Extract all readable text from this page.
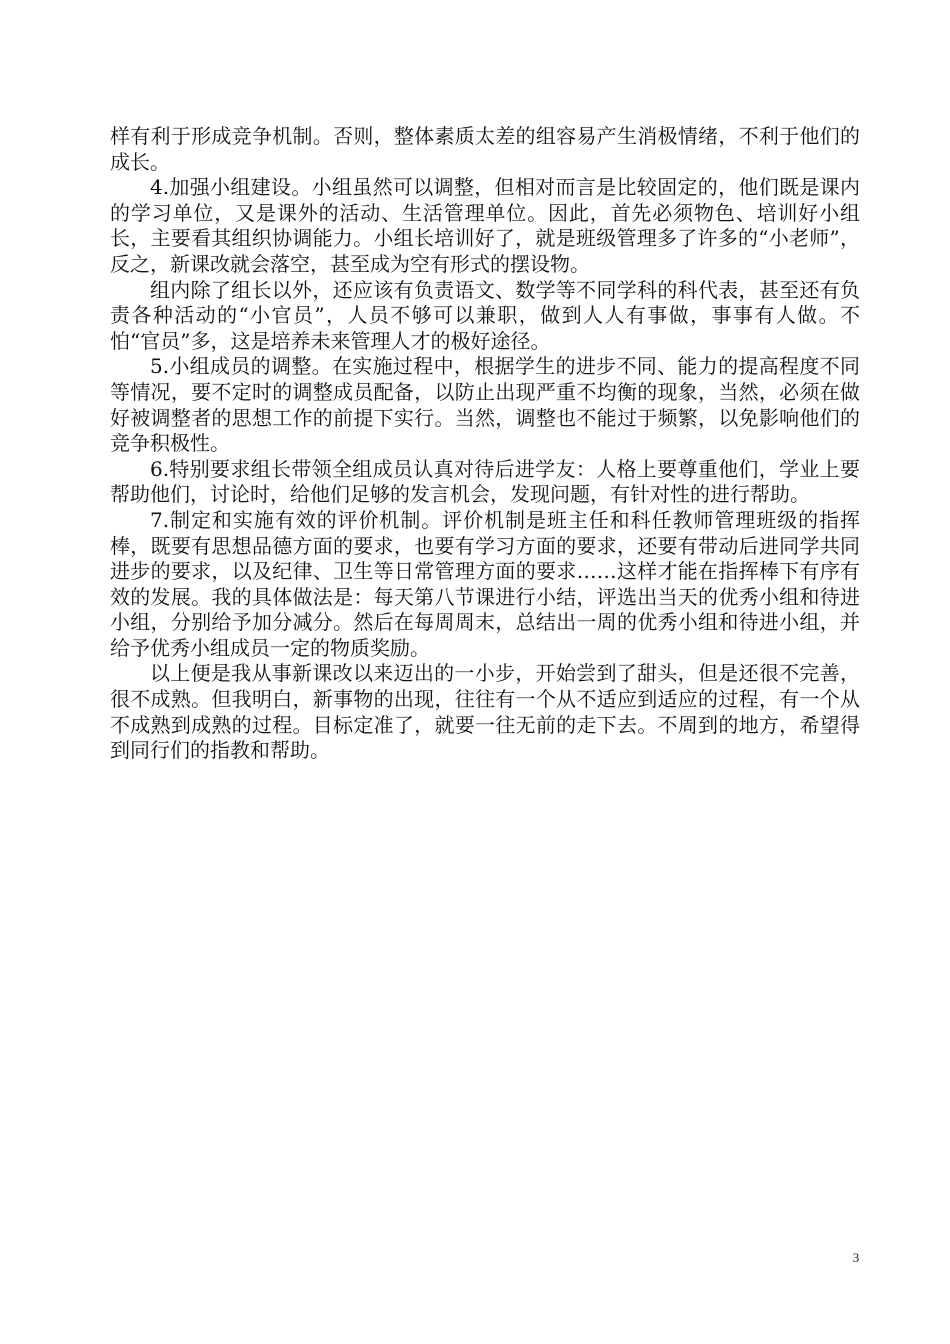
样有利于形成竞争机制。否则，整体素质太差的组容易产生消极情绪，不利于他们的成长。

4.加强小组建设。小组虽然可以调整，但相对而言是比较固定的，他们既是课内的学习单位，又是课外的活动、生活管理单位。因此，首先必须物色、培训好小组长，主要看其组织协调能力。小组长培训好了，就是班级管理多了许多的“小老师”，反之，新课改就会落空，甚至成为空有形式的摆设物。

组内除了组长以外，还应该有负责语文、数学等不同学科的科代表，甚至还有负责各种活动的“小官员”，人员不够可以兼职，做到人人有事做，事事有人做。不怕“官员”多，这是培养未来管理人才的极好途径。

5.小组成员的调整。在实施过程中，根据学生的进步不同、能力的提高程度不同等情况，要不定时的调整成员配备，以防止出现严重不均衡的现象，当然，必须在做好被调整者的思想工作的前提下实行。当然，调整也不能过于频繁，以免影响他们的竞争积极性。

6.特别要求组长带领全组成员认真对待后进学友：人格上要尊重他们，学业上要帮助他们，讨论时，给他们足够的发言机会，发现问题，有针对性的进行帮助。

7.制定和实施有效的评价机制。评价机制是班主任和科任教师管理班级的指挥棒，既要有思想品德方面的要求，也要有学习方面的要求，还要有带动后进同学共同进步的要求，以及纪律、卫生等日常管理方面的要求……这样才能在指挥棒下有序有效的发展。我的具体做法是：每天第八节课进行小结，评选出当天的优秀小组和待进小组，分别给予加分减分。然后在每周周末，总结出一周的优秀小组和待进小组，并给予优秀小组成员一定的物质奖励。

以上便是我从事新课改以来迈出的一小步，开始尝到了甜头，但是还很不完善，很不成熟。但我明白，新事物的出现，往往有一个从不适应到适应的过程，有一个从不成熟到成熟的过程。目标定准了，就要一往无前的走下去。不周到的地方，希望得到同行们的指教和帮助。

3
